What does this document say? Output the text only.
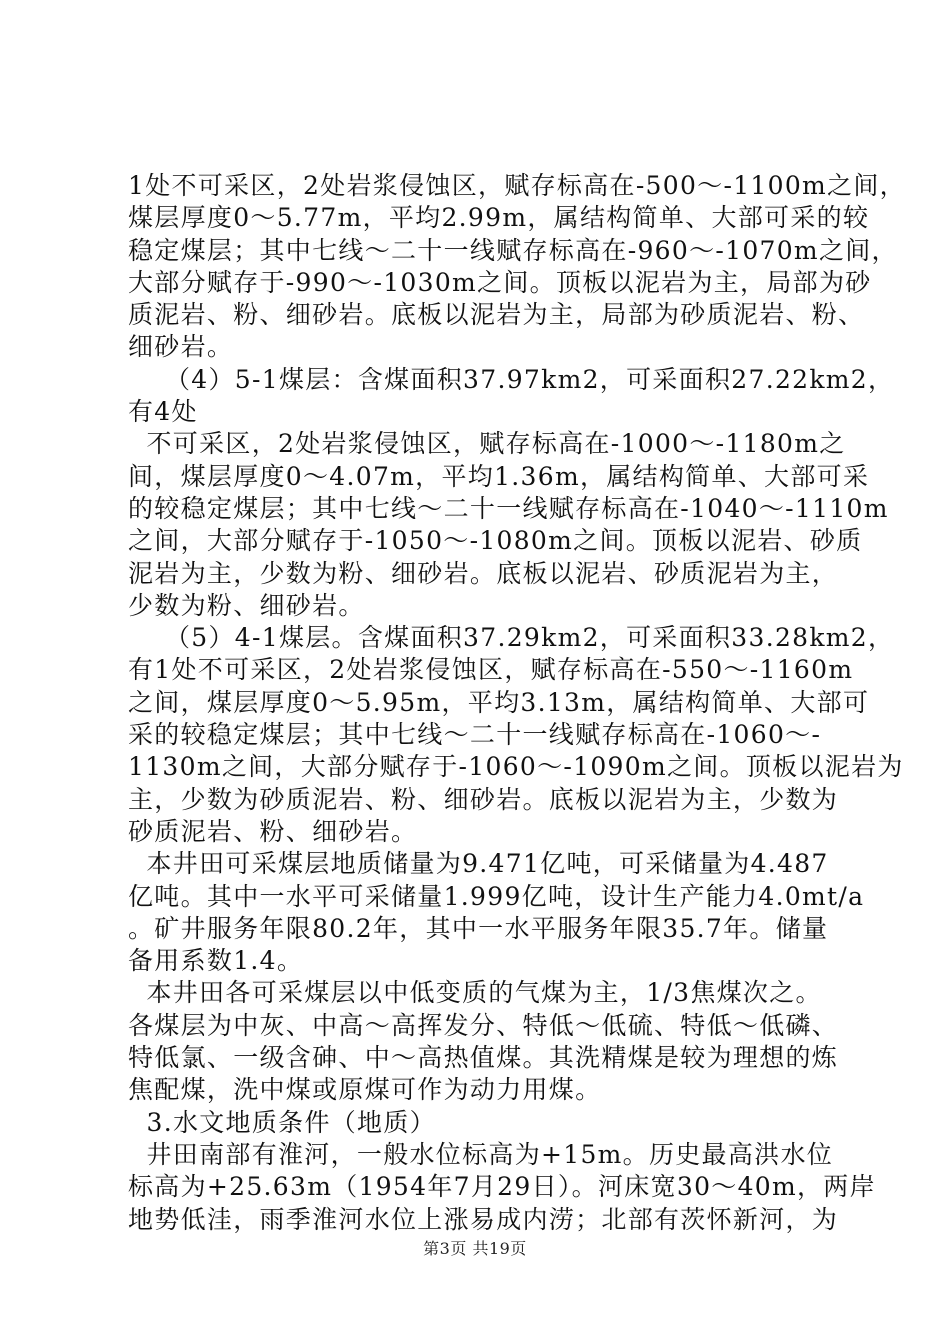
1处不可采区，2处岩浆侵蚀区，赋存标高在-500～-1100m之间，
煤层厚度0～5.77m，平均2.99m，属结构简单、大部可采的较
稳定煤层；其中七线～二十一线赋存标高在-960～-1070m之间，
大部分赋存于-990～-1030m之间。顶板以泥岩为主，局部为砂
质泥岩、粉、细砂岩。底板以泥岩为主，局部为砂质泥岩、粉、
细砂岩。
（4）5-1煤层：含煤面积37.97km2，可采面积27.22km2，
有4处
不可采区，2处岩浆侵蚀区，赋存标高在-1000～-1180m之
间，煤层厚度0～4.07m，平均1.36m，属结构简单、大部可采
的较稳定煤层；其中七线～二十一线赋存标高在-1040～-1110m
之间，大部分赋存于-1050～-1080m之间。顶板以泥岩、砂质
泥岩为主，少数为粉、细砂岩。底板以泥岩、砂质泥岩为主，
少数为粉、细砂岩。
（5）4-1煤层。含煤面积37.29km2，可采面积33.28km2，
有1处不可采区，2处岩浆侵蚀区，赋存标高在-550～-1160m
之间，煤层厚度0～5.95m，平均3.13m，属结构简单、大部可
采的较稳定煤层；其中七线～二十一线赋存标高在-1060～-
1130m之间，大部分赋存于-1060～-1090m之间。顶板以泥岩为
主，少数为砂质泥岩、粉、细砂岩。底板以泥岩为主，少数为
砂质泥岩、粉、细砂岩。
本井田可采煤层地质储量为9.471亿吨，可采储量为4.487
亿吨。其中一水平可采储量1.999亿吨，设计生产能力4.0mt/a
。矿井服务年限80.2年，其中一水平服务年限35.7年。储量
备用系数1.4。
本井田各可采煤层以中低变质的气煤为主，1/3焦煤次之。
各煤层为中灰、中高～高挥发分、特低～低硫、特低～低磷、
特低氯、一级含砷、中～高热值煤。其洗精煤是较为理想的炼
焦配煤，洗中煤或原煤可作为动力用煤。
3.水文地质条件（地质）
井田南部有淮河，一般水位标高为+15m。历史最高洪水位
标高为+25.63m（1954年7月29日）。河床宽30～40m，两岸
地势低洼，雨季淮河水位上涨易成内涝；北部有茨怀新河，为
第3页 共19页
